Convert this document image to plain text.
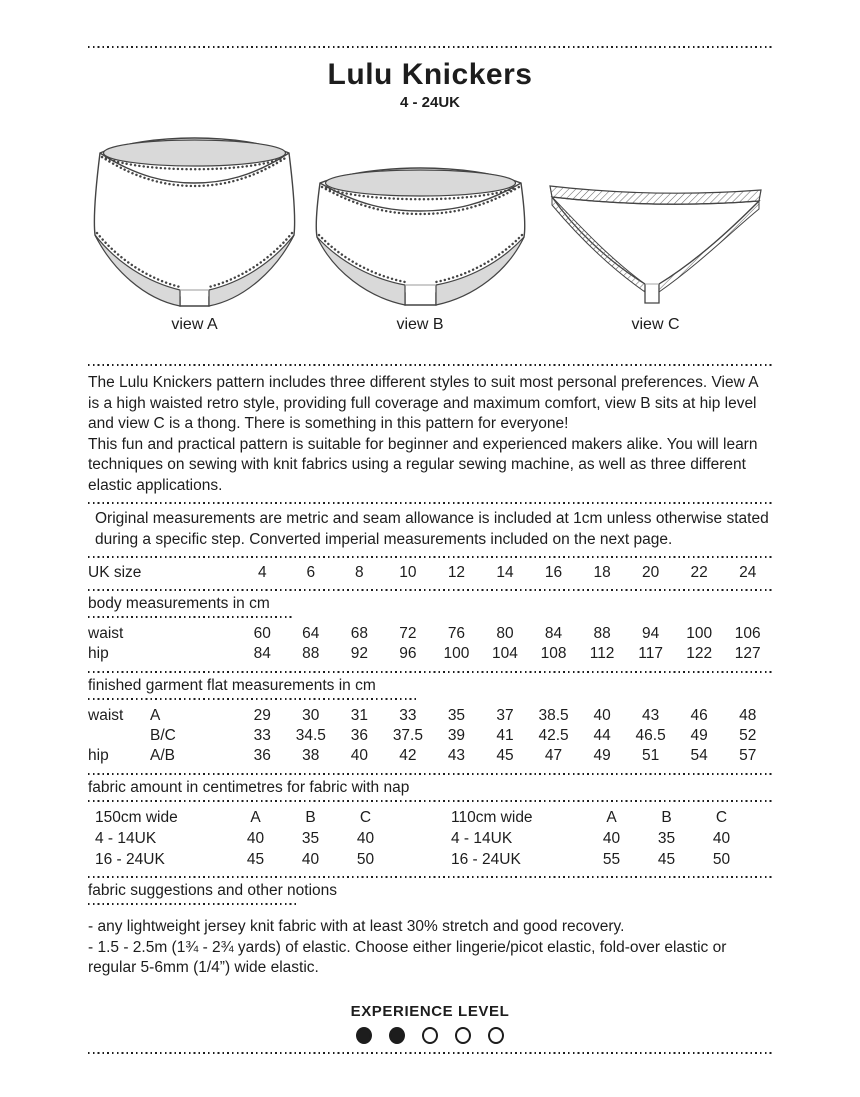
Lulu Knickers
4 - 24UK
view A	view B	view C

The Lulu Knickers pattern includes three different styles to suit most personal preferences. View A is a high waisted retro style, providing full coverage and maximum comfort, view B sits at hip level and view C is a thong. There is something in this pattern for everyone!

This fun and practical pattern is suitable for beginner and experienced makers alike. You will learn techniques on sewing with knit fabrics using a regular sewing machine, as well as three different elastic applications.

Original measurements are metric and seam allowance is included at 1cm unless otherwise stated during a specific step. Converted imperial measurements included on the next page.

UK size	4	6	8	10	12	14	16	18	20	22	24
body measurements in cm
waist	60	64	68	72	76	80	84	88	94	100	106
hip	84	88	92	96	100	104	108	112	117	122	127
finished garment flat measurements in cm
waist	A	29	30	31	33	35	37	38.5	40	43	46	48
B/C	33	34.5	36	37.5	39	41	42.5	44	46.5	49	52
hip	A/B	36	38	40	42	43	45	47	49	51	54	57
fabric amount in centimetres for fabric with nap
150cm wide	A	B	C
4 - 14UK	40	35	40
16 - 24UK	45	40	50
110cm wide	A	B	C
4 - 14UK	40	35	40
16 - 24UK	55	45	50
fabric suggestions and other notions

- any lightweight jersey knit fabric with at least 30% stretch and good recovery.

- 1.5 - 2.5m (1¾ - 2¾ yards) of elastic. Choose either lingerie/picot elastic, fold-over elastic or regular 5-6mm (1/4”) wide elastic.

EXPERIENCE LEVEL
